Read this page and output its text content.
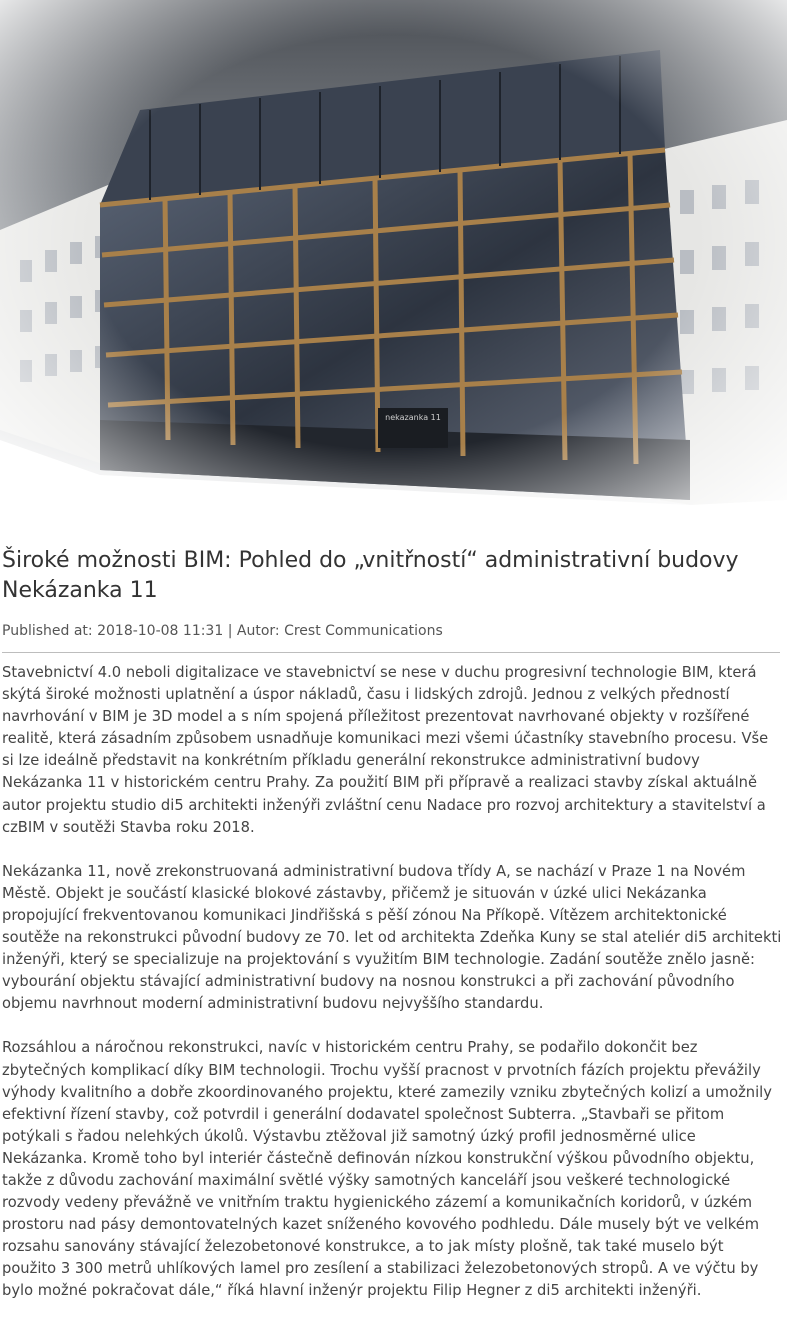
Široké možnosti BIM: Pohled do „vnitřností“ administrativní budovy Nekázanka 11
Published at: 2018-10-08 11:31 | Autor: Crest Communications

Stavebnictví 4.0 neboli digitalizace ve stavebnictví se nese v duchu progresivní technologie BIM, která skýtá široké možnosti uplatnění a úspor nákladů, času i lidských zdrojů. Jednou z velkých předností navrhování v BIM je 3D model a s ním spojená příležitost prezentovat navrhované objekty v rozšířené realitě, která zásadním způsobem usnadňuje komunikaci mezi všemi účastníky stavebního procesu. Vše si lze ideálně představit na konkrétním příkladu generální rekonstrukce administrativní budovy Nekázanka 11 v historickém centru Prahy. Za použití BIM při přípravě a realizaci stavby získal aktuálně autor projektu studio di5 architekti inženýři zvláštní cenu Nadace pro rozvoj architektury a stavitelství a czBIM v soutěži Stavba roku 2018.

Nekázanka 11, nově zrekonstruovaná administrativní budova třídy A, se nachází v Praze 1 na Novém Městě. Objekt je součástí klasické blokové zástavby, přičemž je situován v úzké ulici Nekázanka propojující frekventovanou komunikaci Jindřišská s pěší zónou Na Příkopě. Vítězem architektonické soutěže na rekonstrukci původní budovy ze 70. let od architekta Zdeňka Kuny se stal ateliér di5 architekti inženýři, který se specializuje na projektování s využitím BIM technologie. Zadání soutěže znělo jasně: vybourání objektu stávající administrativní budovy na nosnou konstrukci a při zachování původního objemu navrhnout moderní administrativní budovu nejvyššího standardu.

Rozsáhlou a náročnou rekonstrukci, navíc v historickém centru Prahy, se podařilo dokončit bez zbytečných komplikací díky BIM technologii. Trochu vyšší pracnost v prvotních fázích projektu převážily výhody kvalitního a dobře zkoordinovaného projektu, které zamezily vzniku zbytečných kolizí a umožnily efektivní řízení stavby, což potvrdil i generální dodavatel společnost Subterra. „Stavbaři se přitom potýkali s řadou nelehkých úkolů. Výstavbu ztěžoval již samotný úzký profil jednosměrné ulice Nekázanka. Kromě toho byl interiér částečně definován nízkou konstrukční výškou původního objektu, takže z důvodu zachování maximální světlé výšky samotných kanceláří jsou veškeré technologické rozvody vedeny převážně ve vnitřním traktu hygienického zázemí a komunikačních koridorů, v úzkém prostoru nad pásy demontovatelných kazet sníženého kovového podhledu. Dále musely být ve velkém rozsahu sanovány stávající železobetonové konstrukce, a to jak místy plošně, tak také muselo být použito 3 300 metrů uhlíkových lamel pro zesílení a stabilizaci železobetonových stropů. A ve výčtu by bylo možné pokračovat dále,“ říká hlavní inženýr projektu Filip Hegner z di5 architekti inženýři.
